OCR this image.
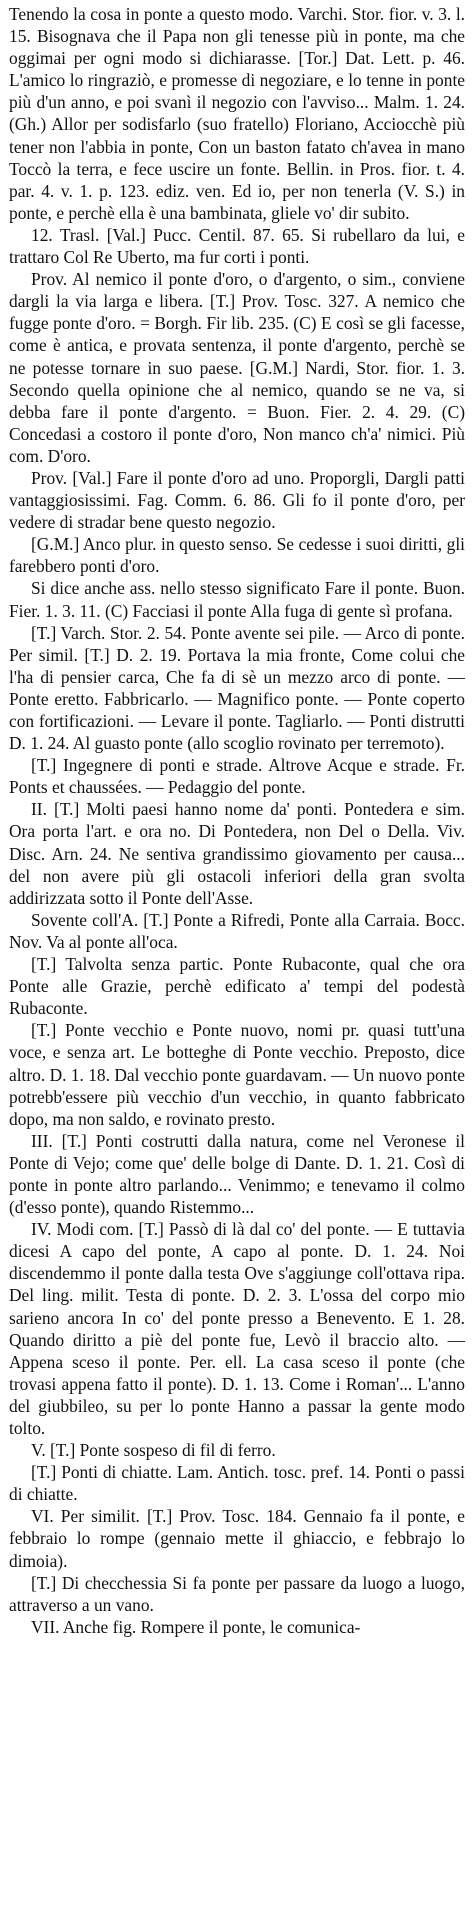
Tenendo la cosa in ponte a questo modo. Varchi. Stor. fior. v. 3. l. 15. Bisognava che il Papa non gli tenesse più in ponte, ma che oggimai per ogni modo si dichiarasse. [Tor.] Dat. Lett. p. 46. L'amico lo ringraziò, e promesse di negoziare, e lo tenne in ponte più d'un anno, e poi svanì il negozio con l'avviso... Malm. 1. 24. (Gh.) Allor per sodisfarlo (suo fratello) Floriano, Acciocchè più tener non l'abbia in ponte, Con un baston fatato ch'avea in mano Toccò la terra, e fece uscire un fonte. Bellin. in Pros. fior. t. 4. par. 4. v. 1. p. 123. ediz. ven. Ed io, per non tenerla (V. S.) in ponte, e perchè ella è una bambinata, gliele vo' dir subito.

12. Trasl. [Val.] Pucc. Centil. 87. 65. Si rubellaro da lui, e trattaro Col Re Uberto, ma fur corti i ponti.

Prov. Al nemico il ponte d'oro, o d'argento, o sim., conviene dargli la via larga e libera. [T.] Prov. Tosc. 327. A nemico che fugge ponte d'oro. = Borgh. Fir lib. 235. (C) E così se gli facesse, come è antica, e provata sentenza, il ponte d'argento, perchè se ne potesse tornare in suo paese. [G.M.] Nardi, Stor. fior. 1. 3. Secondo quella opinione che al nemico, quando se ne va, si debba fare il ponte d'argento. = Buon. Fier. 2. 4. 29. (C) Concedasi a costoro il ponte d'oro, Non manco ch'a' nimici. Più com. D'oro.

Prov. [Val.] Fare il ponte d'oro ad uno. Proporgli, Dargli patti vantaggiosissimi. Fag. Comm. 6. 86. Gli fo il ponte d'oro, per vedere di stradar bene questo negozio.

[G.M.] Anco plur. in questo senso. Se cedesse i suoi diritti, gli farebbero ponti d'oro.

Si dice anche ass. nello stesso significato Fare il ponte. Buon. Fier. 1. 3. 11. (C) Facciasi il ponte Alla fuga di gente sì profana.

[T.] Varch. Stor. 2. 54. Ponte avente sei pile. — Arco di ponte. Per simil. [T.] D. 2. 19. Portava la mia fronte, Come colui che l'ha di pensier carca, Che fa di sè un mezzo arco di ponte. — Ponte eretto. Fabbricarlo. — Magnifico ponte. — Ponte coperto con fortificazioni. — Levare il ponte. Tagliarlo. — Ponti distrutti D. 1. 24. Al guasto ponte (allo scoglio rovinato per terremoto).

[T.] Ingegnere di ponti e strade. Altrove Acque e strade. Fr. Ponts et chaussées. — Pedaggio del ponte.

II. [T.] Molti paesi hanno nome da' ponti. Pontedera e sim. Ora porta l'art. e ora no. Di Pontedera, non Del o Della. Viv. Disc. Arn. 24. Ne sentiva grandissimo giovamento per causa... del non avere più gli ostacoli inferiori della gran svolta addirizzata sotto il Ponte dell'Asse.

Sovente coll'A. [T.] Ponte a Rifredi, Ponte alla Carraia. Bocc. Nov. Va al ponte all'oca.

[T.] Talvolta senza partic. Ponte Rubaconte, qual che ora Ponte alle Grazie, perchè edificato a' tempi del podestà Rubaconte.

[T.] Ponte vecchio e Ponte nuovo, nomi pr. quasi tutt'una voce, e senza art. Le botteghe di Ponte vecchio. Preposto, dice altro. D. 1. 18. Dal vecchio ponte guardavam. — Un nuovo ponte potrebb'essere più vecchio d'un vecchio, in quanto fabbricato dopo, ma non saldo, e rovinato presto.

III. [T.] Ponti costrutti dalla natura, come nel Veronese il Ponte di Vejo; come que' delle bolge di Dante. D. 1. 21. Così di ponte in ponte altro parlando... Venimmo; e tenevamo il colmo (d'esso ponte), quando Ristemmo...

IV. Modi com. [T.] Passò di là dal co' del ponte. — E tuttavia dicesi A capo del ponte, A capo al ponte. D. 1. 24. Noi discendemmo il ponte dalla testa Ove s'aggiunge coll'ottava ripa. Del ling. milit. Testa di ponte. D. 2. 3. L'ossa del corpo mio sarieno ancora In co' del ponte presso a Benevento. E 1. 28. Quando diritto a piè del ponte fue, Levò il braccio alto. — Appena sceso il ponte. Per. ell. La casa sceso il ponte (che trovasi appena fatto il ponte). D. 1. 13. Come i Roman'... L'anno del giubbileo, su per lo ponte Hanno a passar la gente modo tolto.

V. [T.] Ponte sospeso di fil di ferro.

[T.] Ponti di chiatte. Lam. Antich. tosc. pref. 14. Ponti o passi di chiatte.

VI. Per similit. [T.] Prov. Tosc. 184. Gennaio fa il ponte, e febbraio lo rompe (gennaio mette il ghiaccio, e febbrajo lo dimoia).

[T.] Di checchessia Si fa ponte per passare da luogo a luogo, attraverso a un vano.

VII. Anche fig. Rompere il ponte, le comunica-
